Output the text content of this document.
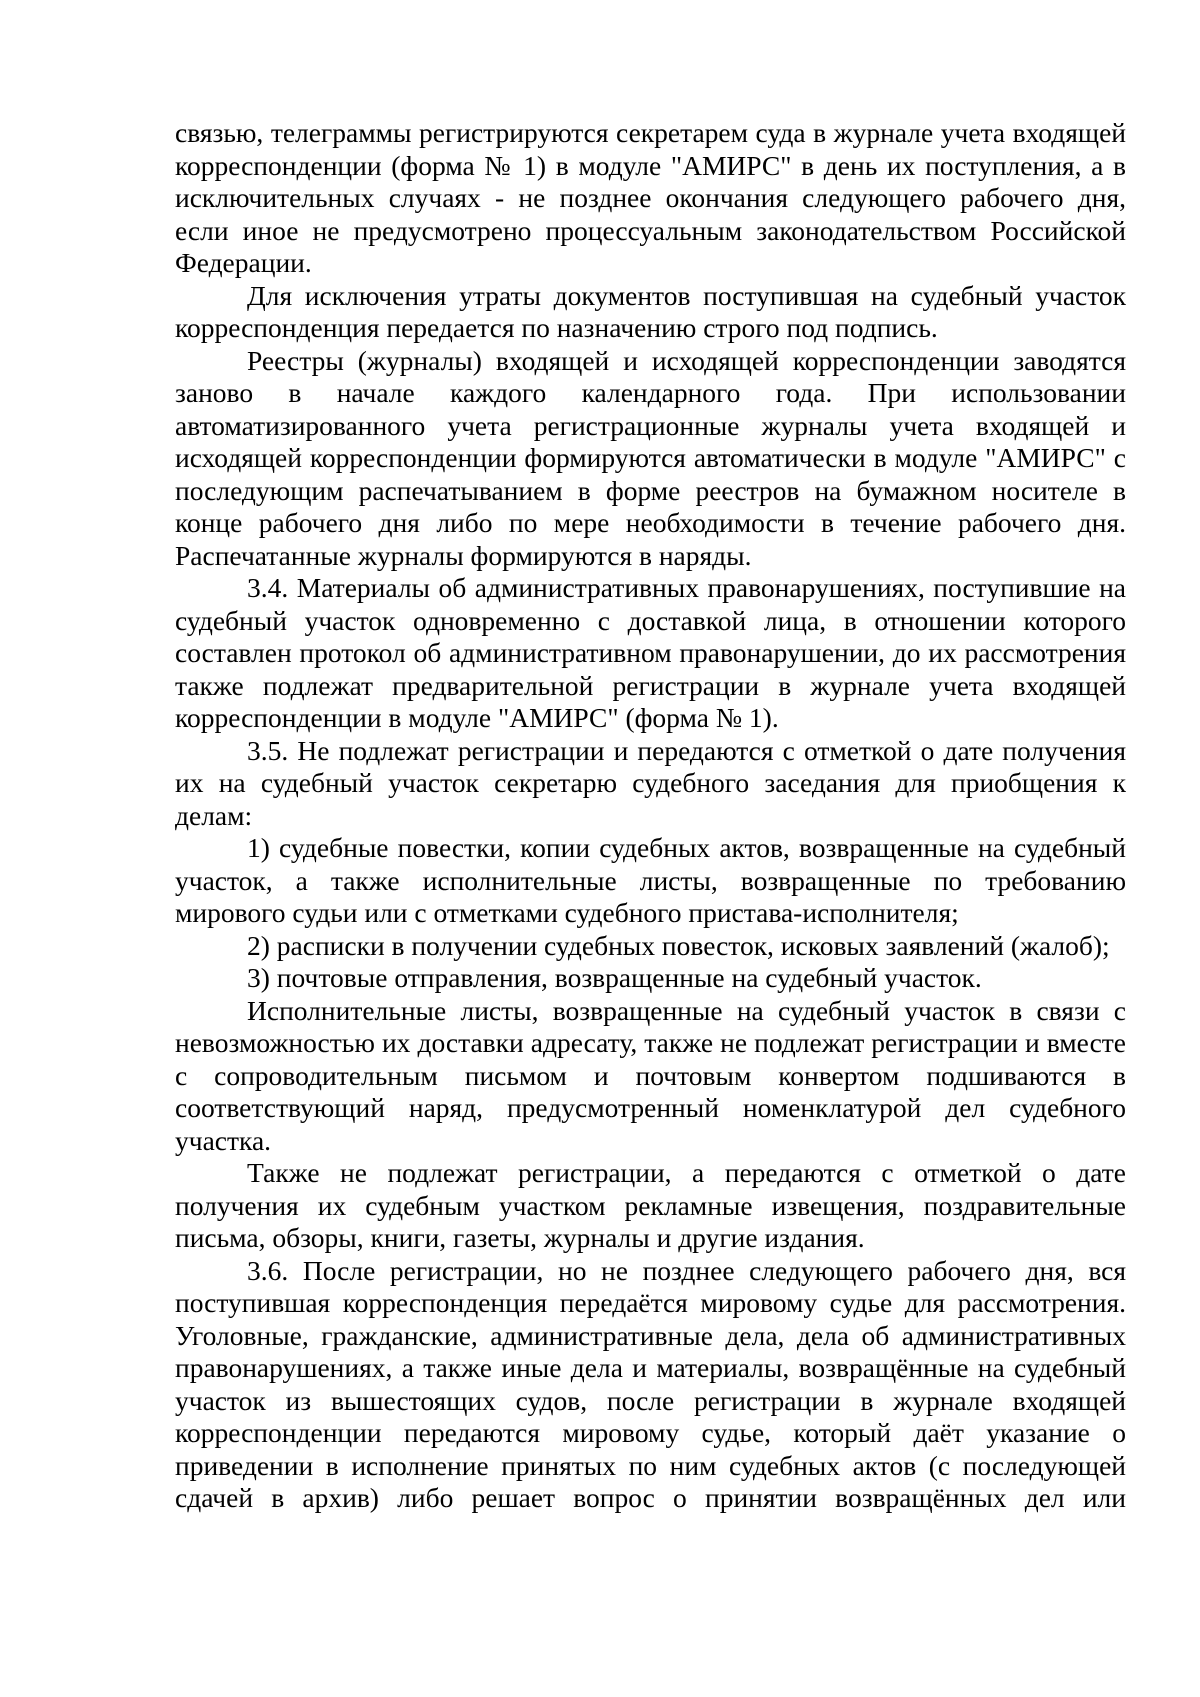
связью, телеграммы регистрируются секретарем суда в журнале учета входящей корреспонденции (форма № 1) в модуле "АМИРС" в день их поступления, а в исключительных случаях - не позднее окончания следующего рабочего дня, если иное не предусмотрено процессуальным законодательством Российской Федерации.

Для исключения утраты документов поступившая на судебный участок корреспонденция передается по назначению строго под подпись.

Реестры (журналы) входящей и исходящей корреспонденции заводятся заново в начале каждого календарного года. При использовании автоматизированного учета регистрационные журналы учета входящей и исходящей корреспонденции формируются автоматически в модуле "АМИРС" с последующим распечатыванием в форме реестров на бумажном носителе в конце рабочего дня либо по мере необходимости в течение рабочего дня. Распечатанные журналы формируются в наряды.

3.4. Материалы об административных правонарушениях, поступившие на судебный участок одновременно с доставкой лица, в отношении которого составлен протокол об административном правонарушении, до их рассмотрения также подлежат предварительной регистрации в журнале учета входящей корреспонденции в модуле "АМИРС" (форма № 1).

3.5. Не подлежат регистрации и передаются с отметкой о дате получения их на судебный участок секретарю судебного заседания для приобщения к делам:

1) судебные повестки, копии судебных актов, возвращенные на судебный участок, а также исполнительные листы, возвращенные по требованию мирового судьи или с отметками судебного пристава-исполнителя;

2) расписки в получении судебных повесток, исковых заявлений (жалоб);

3) почтовые отправления, возвращенные на судебный участок.

Исполнительные листы, возвращенные на судебный участок в связи с невозможностью их доставки адресату, также не подлежат регистрации и вместе с сопроводительным письмом и почтовым конвертом подшиваются в соответствующий наряд, предусмотренный номенклатурой дел судебного участка.

Также не подлежат регистрации, а передаются с отметкой о дате получения их судебным участком рекламные извещения, поздравительные письма, обзоры, книги, газеты, журналы и другие издания.

3.6. После регистрации, но не позднее следующего рабочего дня, вся поступившая корреспонденция передаётся мировому судье для рассмотрения. Уголовные, гражданские, административные дела, дела об административных правонарушениях, а также иные дела и материалы, возвращённые на судебный участок из вышестоящих судов, после регистрации в журнале входящей корреспонденции передаются мировому судье, который даёт указание о приведении в исполнение принятых по ним судебных актов (с последующей сдачей в архив) либо решает вопрос о принятии возвращённых дел или
